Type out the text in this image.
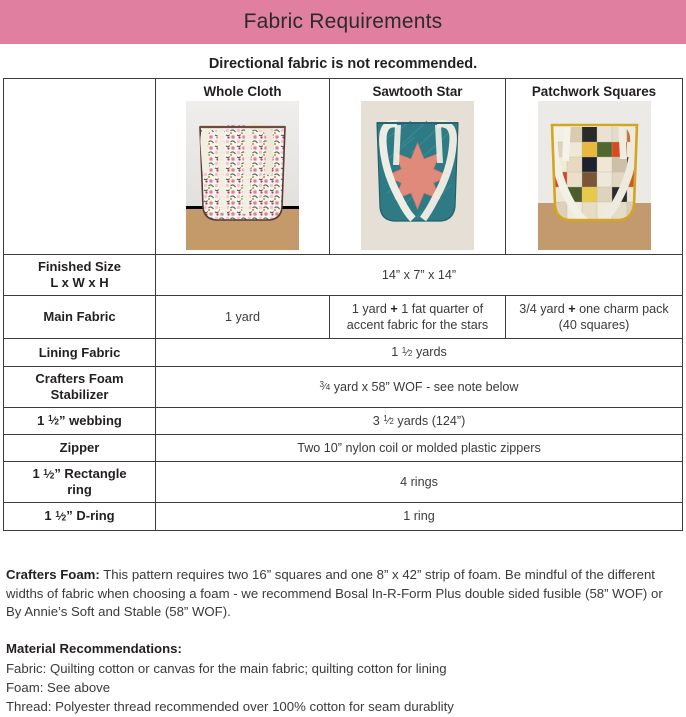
Fabric Requirements
Directional fabric is not recommended.

	Whole Cloth	Sawtooth Star	Patchwork Squares

Finished Size
L x W x H	14” x 7” x 14”		
Main Fabric	1 yard	1 yard + 1 fat quarter of accent fabric for the stars	3/4 yard + one charm pack (40 squares)
Lining Fabric	1 $^1⁄_2$ yards		
Crafters Foam
Stabilizer	$^3⁄_4$ yard x 58” WOF - see note below		
1 $^1⁄_2$” webbing	3 $^1⁄_2$ yards (124”)		
Zipper	Two 10” nylon coil or molded plastic zippers		
1 $^1⁄_2$” Rectangle
ring	4 rings		
1 $^1⁄_2$” D-ring	1 ring		
Crafters Foam: This pattern requires two 16” squares and one 8” x 42” strip of foam. Be mindful of the different widths of fabric when choosing a foam - we recommend Bosal In-R-Form Plus double sided fusible (58” WOF) or By Annie’s Soft and Stable (58” WOF).
Material Recommendations:
Fabric: Quilting cotton or canvas for the main fabric; quilting cotton for lining
Foam: See above
Thread: Polyester thread recommended over 100% cotton for seam durablity
